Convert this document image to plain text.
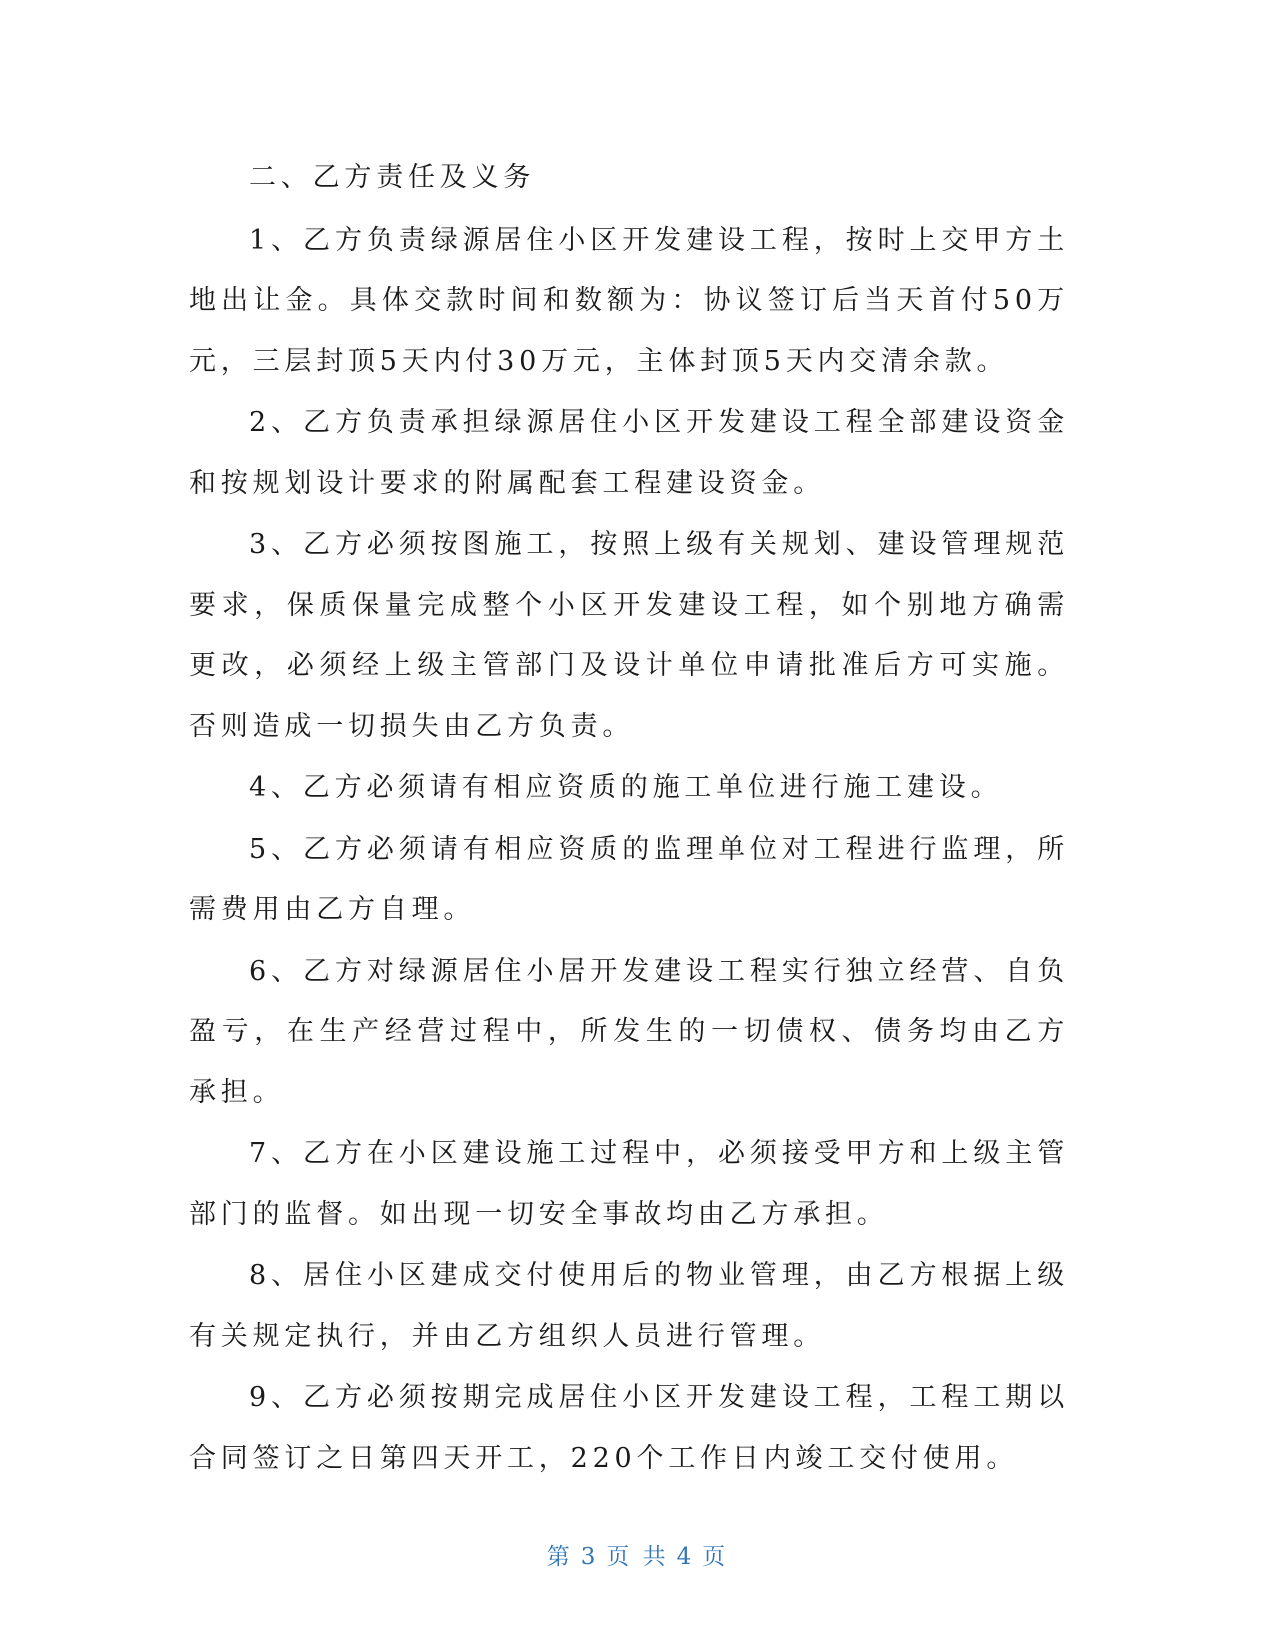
二、乙方责任及义务

1、乙方负责绿源居住小区开发建设工程，按时上交甲方土地出让金。具体交款时间和数额为：协议签订后当天首付50万元，三层封顶5天内付30万元，主体封顶5天内交清余款。

2、乙方负责承担绿源居住小区开发建设工程全部建设资金和按规划设计要求的附属配套工程建设资金。

3、乙方必须按图施工，按照上级有关规划、建设管理规范要求，保质保量完成整个小区开发建设工程，如个别地方确需更改，必须经上级主管部门及设计单位申请批准后方可实施。否则造成一切损失由乙方负责。

4、乙方必须请有相应资质的施工单位进行施工建设。

5、乙方必须请有相应资质的监理单位对工程进行监理，所需费用由乙方自理。

6、乙方对绿源居住小居开发建设工程实行独立经营、自负盈亏，在生产经营过程中，所发生的一切债权、债务均由乙方承担。

7、乙方在小区建设施工过程中，必须接受甲方和上级主管部门的监督。如出现一切安全事故均由乙方承担。

8、居住小区建成交付使用后的物业管理，由乙方根据上级有关规定执行，并由乙方组织人员进行管理。

9、乙方必须按期完成居住小区开发建设工程，工程工期以合同签订之日第四天开工，220个工作日内竣工交付使用。

第 3 页 共 4 页
